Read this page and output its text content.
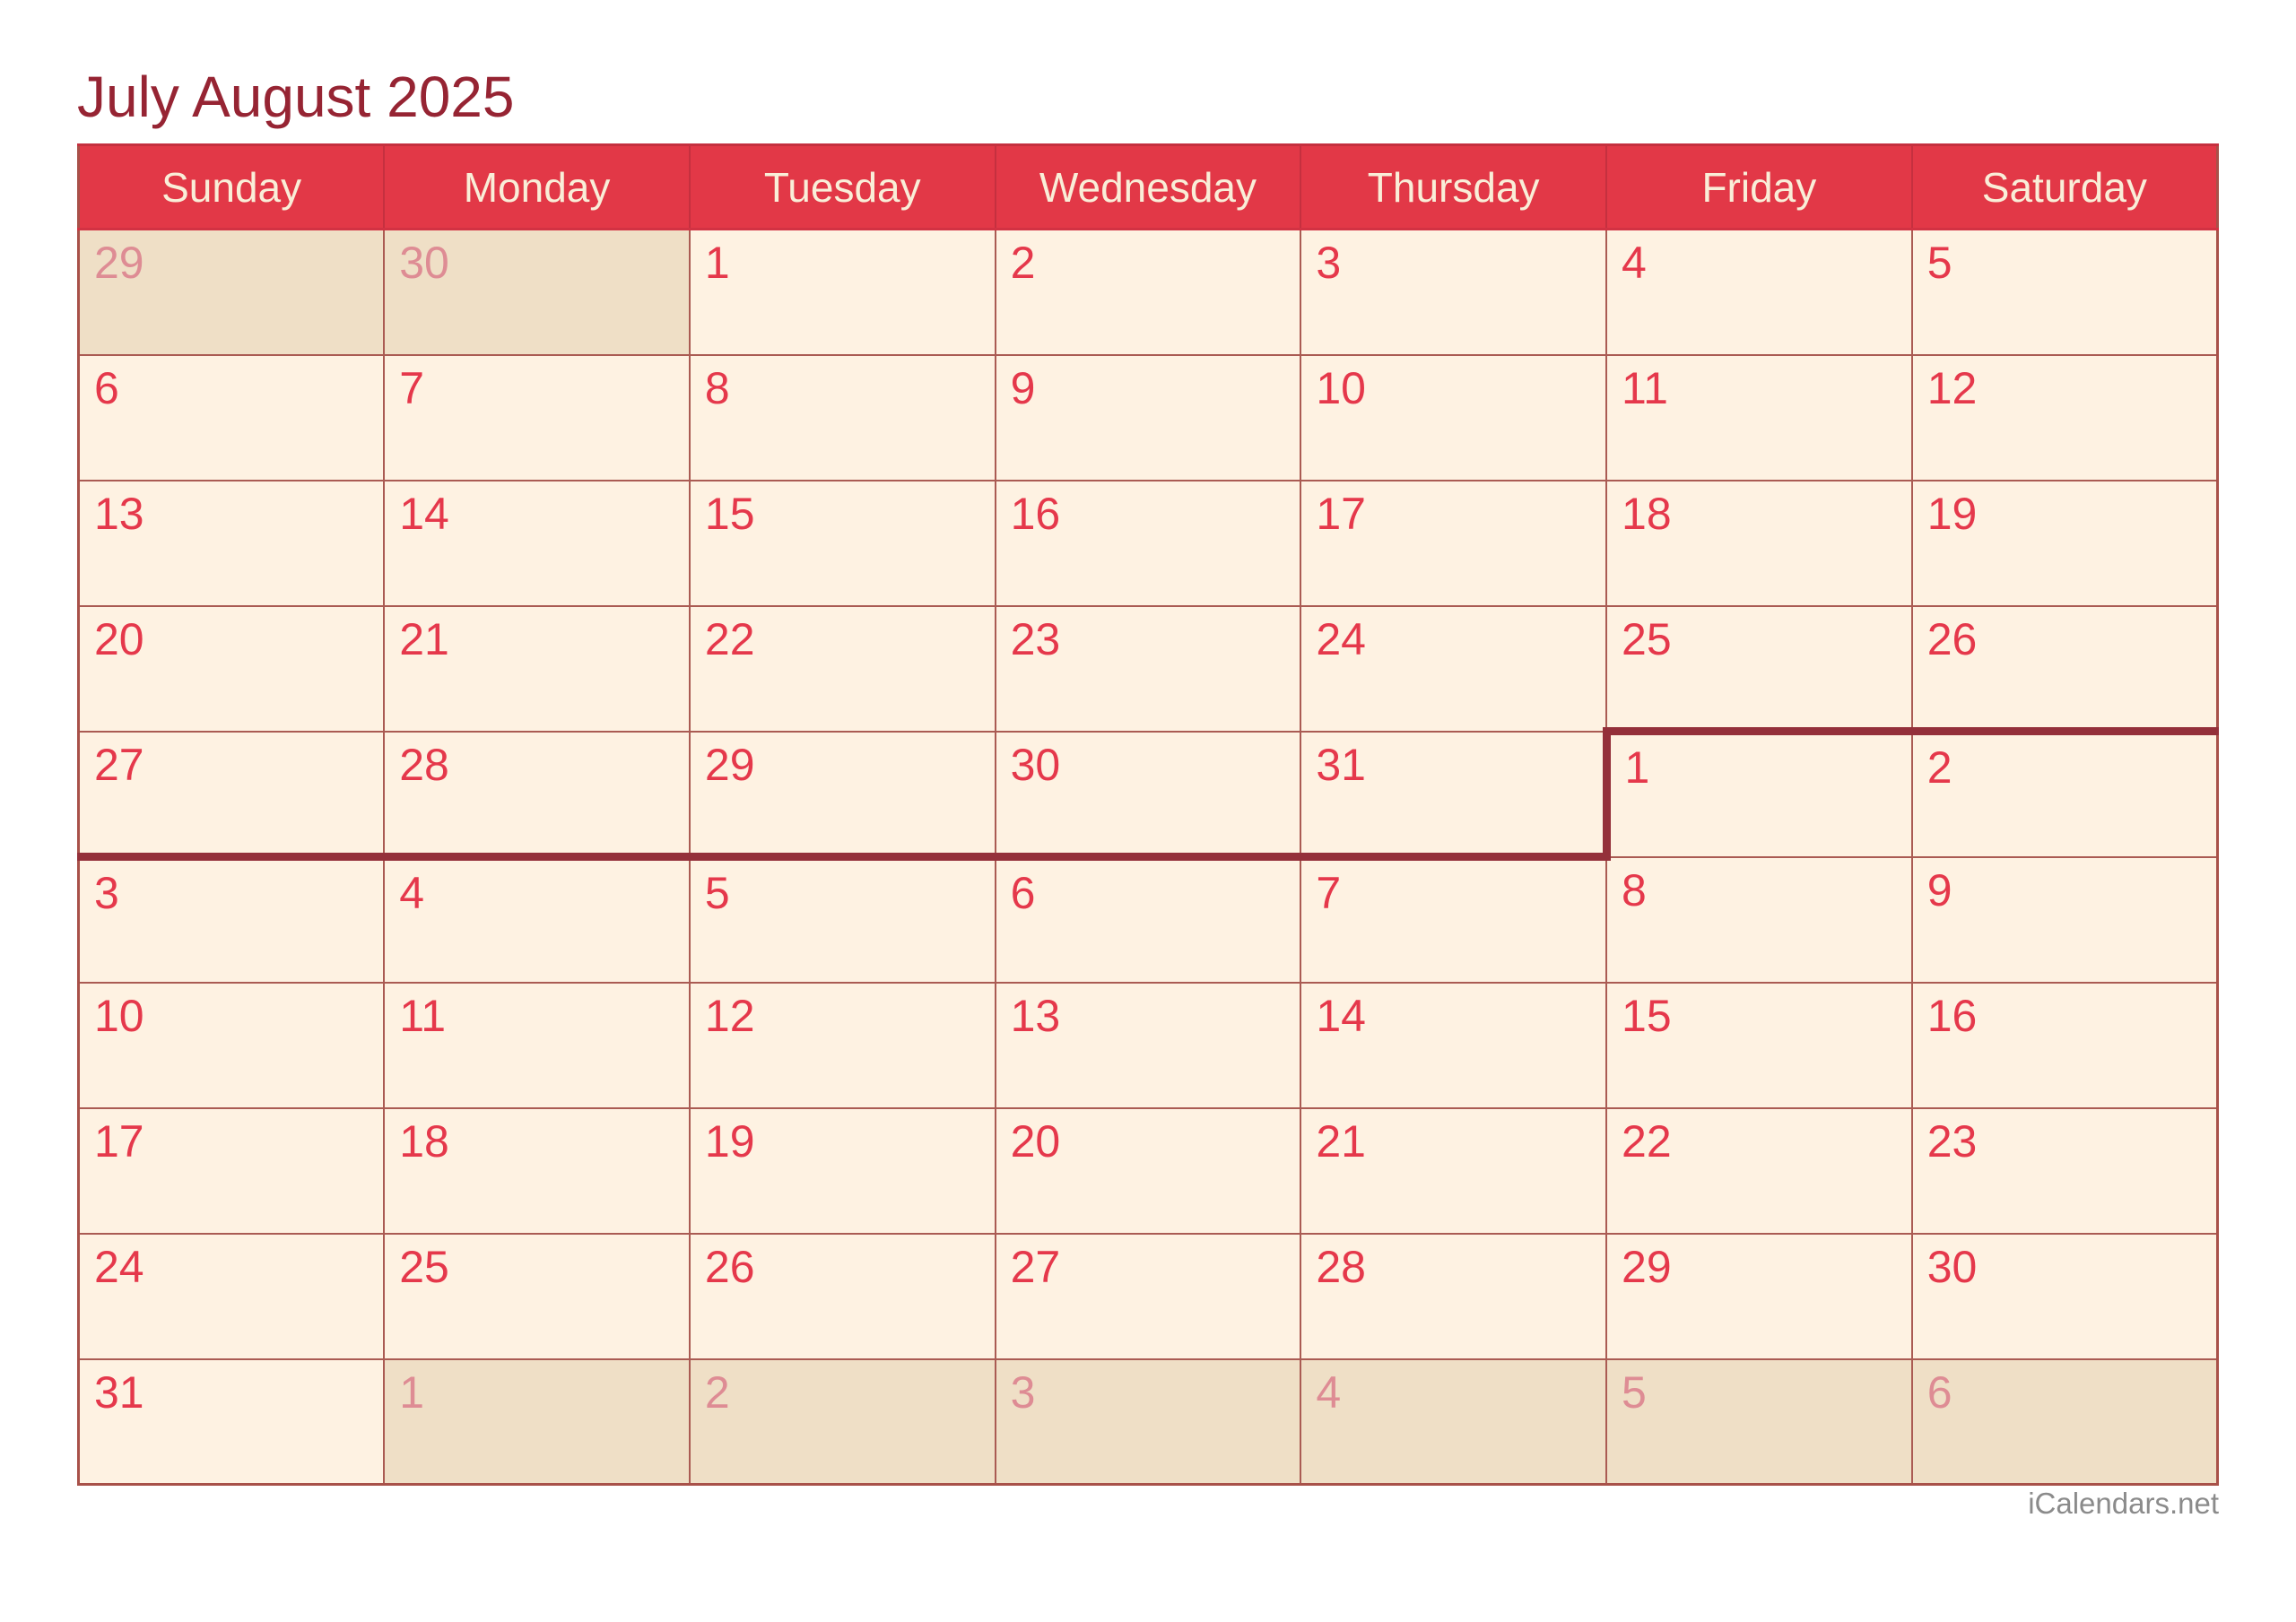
July August 2025
Sunday	Monday	Tuesday	Wednesday	Thursday	Friday	Saturday
29	30	1	2	3	4	5
6	7	8	9	10	11	12
13	14	15	16	17	18	19
20	21	22	23	24	25	26
27	28	29	30	31	1	2
3	4	5	6	7	8	9
10	11	12	13	14	15	16
17	18	19	20	21	22	23
24	25	26	27	28	29	30
31	1	2	3	4	5	6
iCalendars.net
